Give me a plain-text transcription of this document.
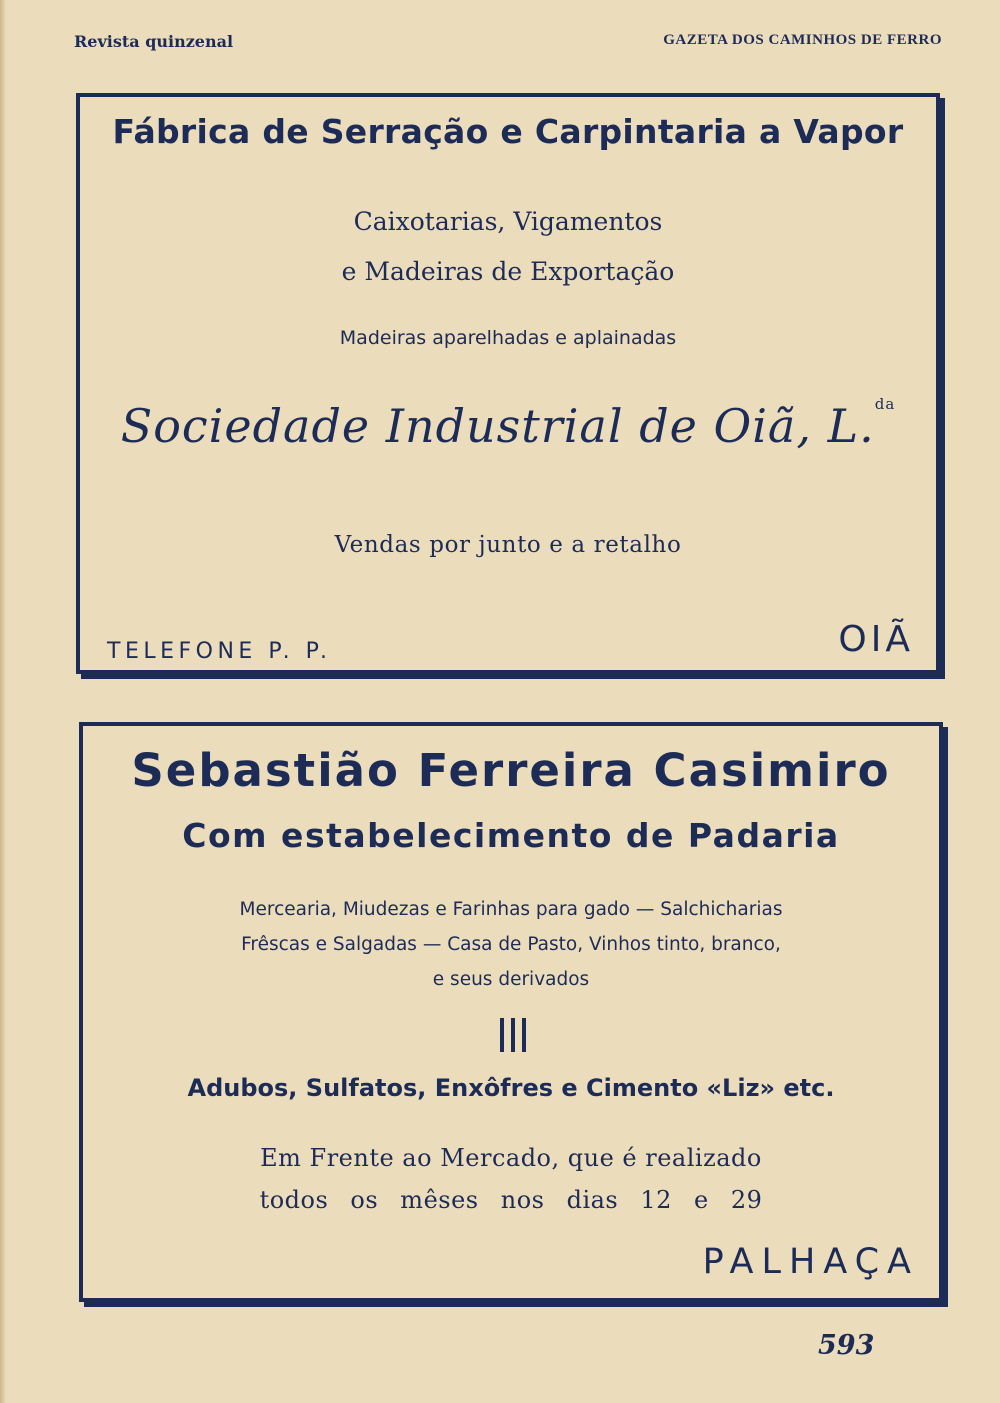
Revista quinzenal	GAZETA DOS CAMINHOS DE FERRO
Fábrica de Serração e Carpintaria a Vapor
Caixotarias, Vigamentos
e Madeiras de Exportação
Madeiras aparelhadas e aplainadas
Sociedade Industrial de Oiã, L.$^{da}$
Vendas por junto e a retalho
TELEFONE P. P.	OIÃ
Sebastião Ferreira Casimiro
Com estabelecimento de Padaria
Mercearia, Miudezas e Farinhas para gado — Salchicharias
Frêscas e Salgadas — Casa de Pasto, Vinhos tinto, branco,
e seus derivados
Adubos, Sulfatos, Enxôfres e Cimento «Liz» etc.
Em Frente ao Mercado, que é realizado
todos os mêses nos dias 12 e 29
PALHAÇA
593
